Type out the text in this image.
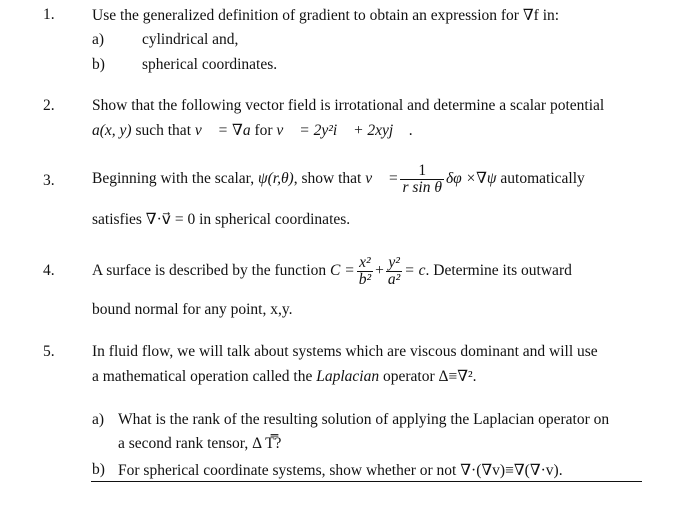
1. Use the generalized definition of gradient to obtain an expression for ∇f in:
a) cylindrical and,
b) spherical coordinates.
2. Show that the following vector field is irrotational and determine a scalar potential
a(x, y) such that v⃗ = ∇a for v⃗ = 2y²i⃗ + 2xyj⃗ .
3. Beginning with the scalar, ψ(r,θ), show that v⃗ = $\frac{1}{\text{r sin θ}}$ δφ ×∇ψ automatically
satisfies ∇·v⃗ = 0 in spherical coordinates.
4. A surface is described by the function $C = \frac{\text{x²}}{\text{b²}} + \frac{\text{y²}}{\text{a²}} = c$. Determine its outward
bound normal for any point, x,y.
5. In fluid flow, we will talk about systems which are viscous dominant and will use
a mathematical operation called the Laplacian operator Δ≡∇².
a) What is the rank of the resulting solution of applying the Laplacian operator on
a second rank tensor, Δ T̿?
b) For spherical coordinate systems, show whether or not ∇·(∇v)≡∇(∇·v).
